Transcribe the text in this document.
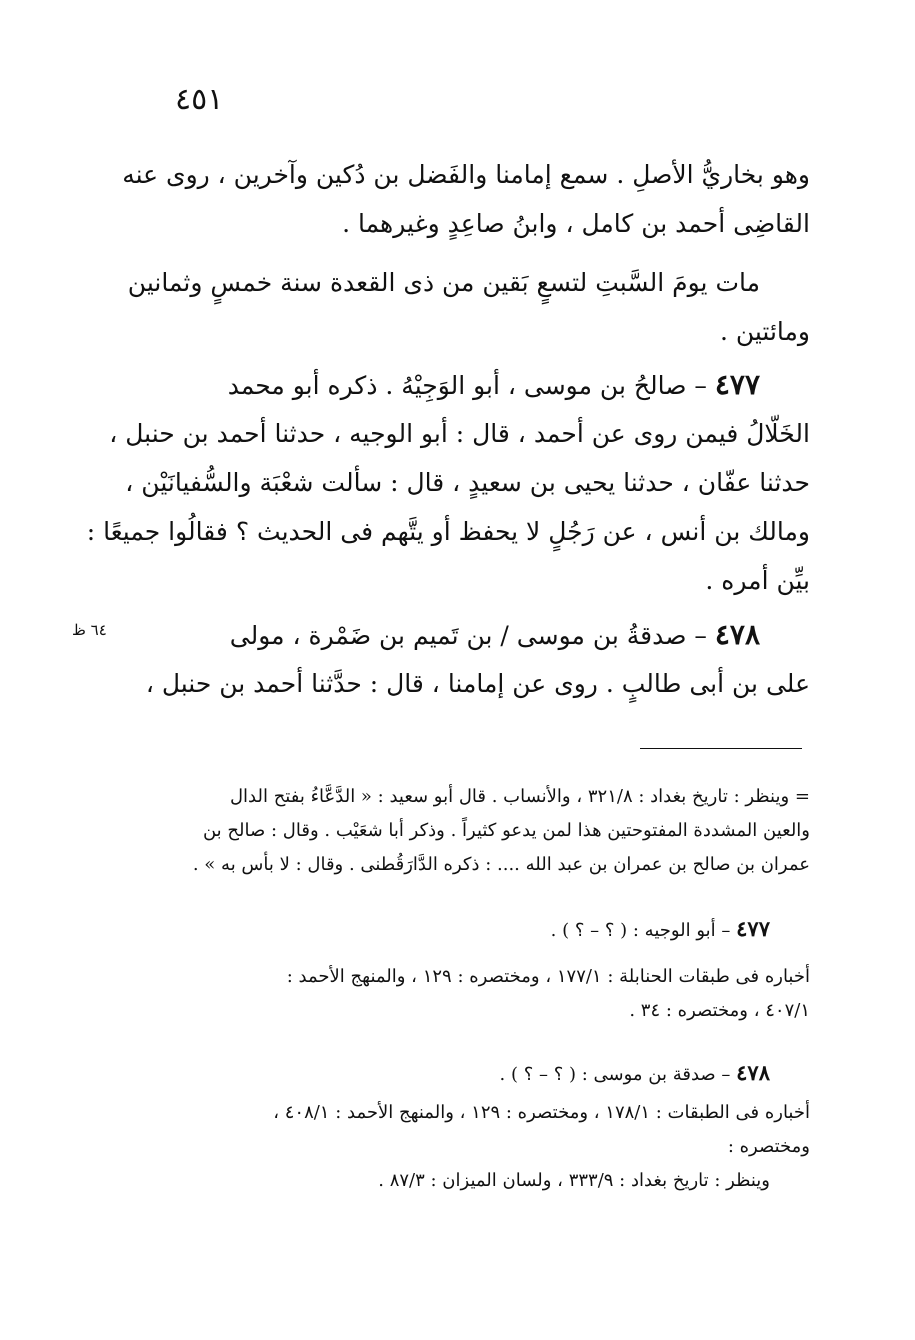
٤٥١
٦٤ ظ
وهو بخاريُّ الأصلِ . سمع إمامنا والفَضل بن دُكين وآخرين ، روى عنه
القاضِى أحمد بن كامل ، وابنُ صاعِدٍ وغيرهما .
مات يومَ السَّبتِ لتسعٍ بَقين من ذى القعدة سنة خمسٍ وثمانين
ومائتين .
٤٧٧ – صالحُ بن موسى ، أبو الوَجِيْهُ . ذكره أبو محمد
الخَلّالُ فيمن روى عن أحمد ، قال : أبو الوجيه ، حدثنا أحمد بن حنبل ،
حدثنا عفّان ، حدثنا يحيى بن سعيدٍ ، قال : سألت شعْبَة والسُّفيانَيْن ،
ومالك بن أنس ، عن رَجُلٍ لا يحفظ أو يتَّهم فى الحديث ؟ فقالُوا جميعًا :
بيِّن أمره .
٤٧٨ – صدقةُ بن موسى / بن تَميم بن ضَمْرة ، مولى
على بن أبى طالبٍ . روى عن إمامنا ، قال : حدَّثنا أحمد بن حنبل ،
= وينظر : تاريخ بغداد : ٣٢١/٨ ، والأنساب . قال أبو سعيد : « الدَّعَّاءُ بفتح الدال
والعين المشددة المفتوحتين هذا لمن يدعو كثيراً . وذكر أبا شعَيْب . وقال : صالح بن
عمران بن صالح بن عمران بن عبد الله .... : ذكره الدَّارَقُطنى . وقال : لا بأس به » .
٤٧٧ – أبو الوجيه : ( ؟ – ؟ ) .
أخباره فى طبقات الحنابلة : ١٧٧/١ ، ومختصره : ١٢٩ ، والمنهج الأحمد :
٤٠٧/١ ، ومختصره : ٣٤ .
٤٧٨ – صدقة بن موسى : ( ؟ – ؟ ) .
أخباره فى الطبقات : ١٧٨/١ ، ومختصره : ١٢٩ ، والمنهج الأحمد : ٤٠٨/١ ،
ومختصره :
وينظر : تاريخ بغداد : ٣٣٣/٩ ، ولسان الميزان : ٨٧/٣ .
